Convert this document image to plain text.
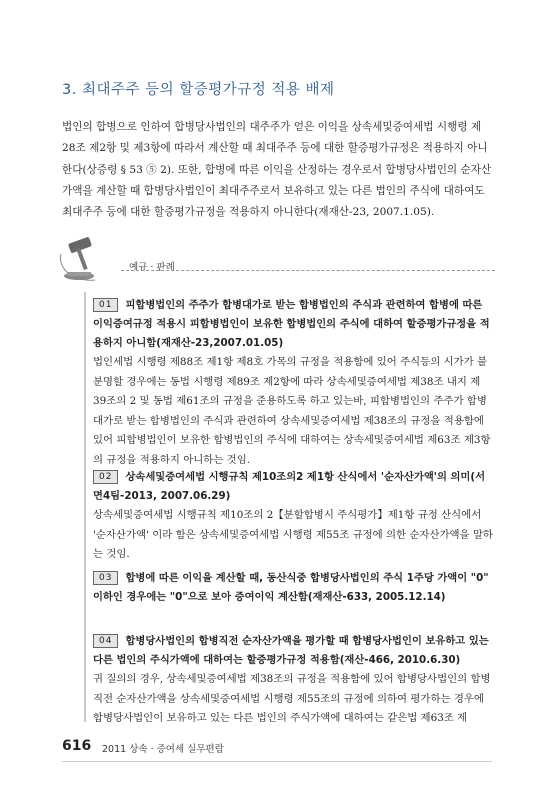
3. 최대주주 등의 할증평가규정 적용 배제

법인의 합병으로 인하여 합병당사법인의 대주주가 얻은 이익을 상속세및증여세법 시행령 제28조 제2항 및 제3항에 따라서 계산할 때 최대주주 등에 대한 할증평가규정은 적용하지 아니한다(상증령 § 53 ⑤ 2). 또한, 합병에 따른 이익을 산정하는 경우로서 합병당사법인의 순자산가액을 계산할 때 합병당사법인이 최대주주로서 보유하고 있는 다른 법인의 주식에 대하여도 최대주주 등에 대한 할증평가규정을 적용하지 아니한다(재재산-23, 2007.1.05).

예규 · 판례

01 피합병법인의 주주가 합병대가로 받는 합병법인의 주식과 관련하여 합병에 따른 이익증여규정 적용시 피합병법인이 보유한 합병법인의 주식에 대하여 할증평가규정을 적용하지 아니함(재재산-23,2007.01.05)

법인세법 시행령 제88조 제1항 제8호 가목의 규정을 적용함에 있어 주식등의 시가가 불분명할 경우에는 동법 시행령 제89조 제2항에 따라 상속세및증여세법 제38조 내지 제39조의 2 및 동법 제61조의 규정을 준용하도록 하고 있는바, 피합병법인의 주주가 합병대가로 받는 합병법인의 주식과 관련하여 상속세및증여세법 제38조의 규정을 적용함에 있어 피합병법인이 보유한 합병법인의 주식에 대하여는 상속세및증여세법 제63조 제3항의 규정을 적용하지 아니하는 것임.

02 상속세및증여세법 시행규칙 제10조의2 제1항 산식에서 '순자산가액'의 의미(서면4팀-2013, 2007.06.29)

상속세및증여세법 시행규칙 제10조의 2【분할합병시 주식평가】제1항 규정 산식에서 '순자산가액' 이라 함은 상속세및증여세법 시행령 제55조 규정에 의한 순자산가액을 말하는 것임.

03 합병에 따른 이익을 계산할 때, 동산식중 합병당사법인의 주식 1주당 가액이 "0" 이하인 경우에는 "0"으로 보아 증여이익 계산함(재재산-633, 2005.12.14)

04 합병당사법인의 합병직전 순자산가액을 평가할 때 합병당사법인이 보유하고 있는 다른 법인의 주식가액에 대하여는 할증평가규정 적용함(재산-466, 2010.6.30)

귀 질의의 경우, 상속세및증여세법 제38조의 규정을 적용함에 있어 합병당사법인의 합병직전 순자산가액을 상속세및증여세법 시행령 제55조의 규정에 의하여 평가하는 경우에 합병당사법인이 보유하고 있는 다른 법인의 주식가액에 대하여는 같은법 제63조 제

616 2011 상속 · 증여세 실무편람
